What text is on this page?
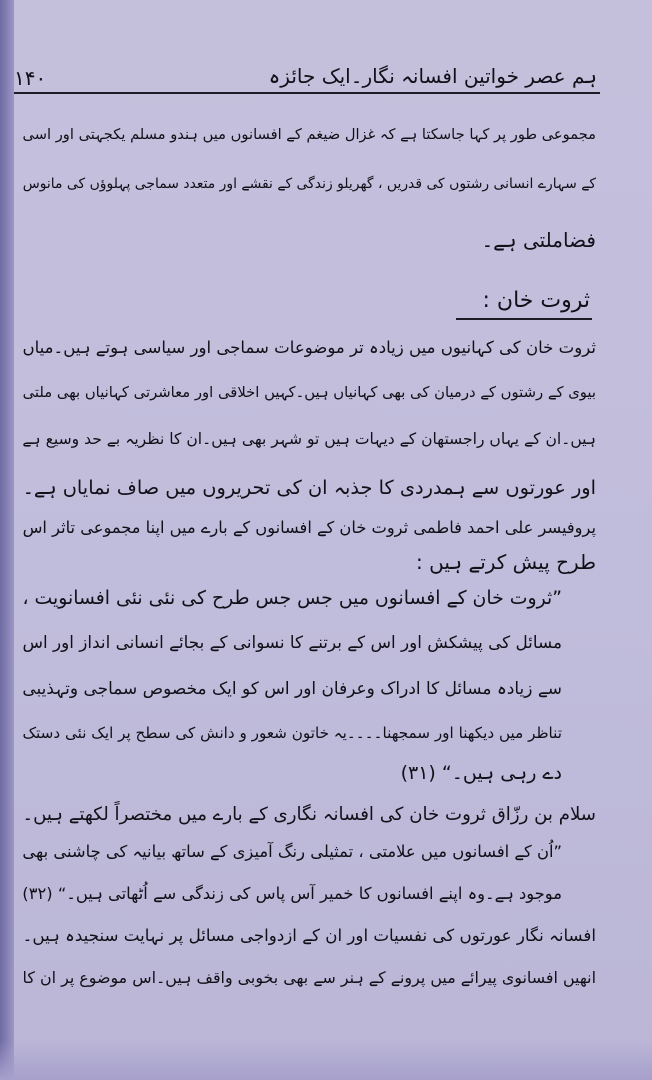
۱۴۰	ہم عصر خواتین افسانہ نگار۔ایک جائزہ
مجموعی طور پر کہا جاسکتا ہے کہ غزال ضیغم کے افسانوں میں ہندو مسلم یکجہتی اور اسی
کے سہارے انسانی رشتوں کی قدریں ، گھریلو زندگی کے نقشے اور متعدد سماجی پہلوؤں کی مانوس
فضاملتی ہے۔
ثروت خان :
ثروت خان کی کہانیوں میں زیادہ تر موضوعات سماجی اور سیاسی ہوتے ہیں۔میاں
بیوی کے رشتوں کے درمیان کی بھی کہانیاں ہیں۔کہیں اخلاقی اور معاشرتی کہانیاں بھی ملتی
ہیں۔ان کے یہاں راجستھان کے دیہات ہیں تو شہر بھی ہیں۔ان کا نظریہ بے حد وسیع ہے
اور عورتوں سے ہمدردی کا جذبہ ان کی تحریروں میں صاف نمایاں ہے۔
پروفیسر علی احمد فاطمی ثروت خان کے افسانوں کے بارے میں اپنا مجموعی تاثر اس
طرح پیش کرتے ہیں :
”ثروت خان کے افسانوں میں جس جس طرح کی نئی نئی افسانویت ،
مسائل کی پیشکش اور اس کے برتنے کا نسوانی کے بجائے انسانی انداز اور اس
سے زیادہ مسائل کا ادراک وعرفان اور اس کو ایک مخصوص سماجی وتہذیبی
تناظر میں دیکھنا اور سمجھنا۔۔۔۔یہ خاتون شعور و دانش کی سطح پر ایک نئی دستک
دے رہی ہیں۔“ (۳۱)
سلام بن رزّاق ثروت خان کی افسانہ نگاری کے بارے میں مختصراً لکھتے ہیں۔
”اُن کے افسانوں میں علامتی ، تمثیلی رنگ آمیزی کے ساتھ بیانیہ کی چاشنی بھی
موجود ہے۔وہ اپنے افسانوں کا خمیر آس پاس کی زندگی سے اُٹھاتی ہیں۔“ (۳۲)
افسانہ نگار عورتوں کی نفسیات اور ان کے ازدواجی مسائل پر نہایت سنجیدہ ہیں۔
انھیں افسانوی پیرائے میں پرونے کے ہنر سے بھی بخوبی واقف ہیں۔اس موضوع پر ان کا
